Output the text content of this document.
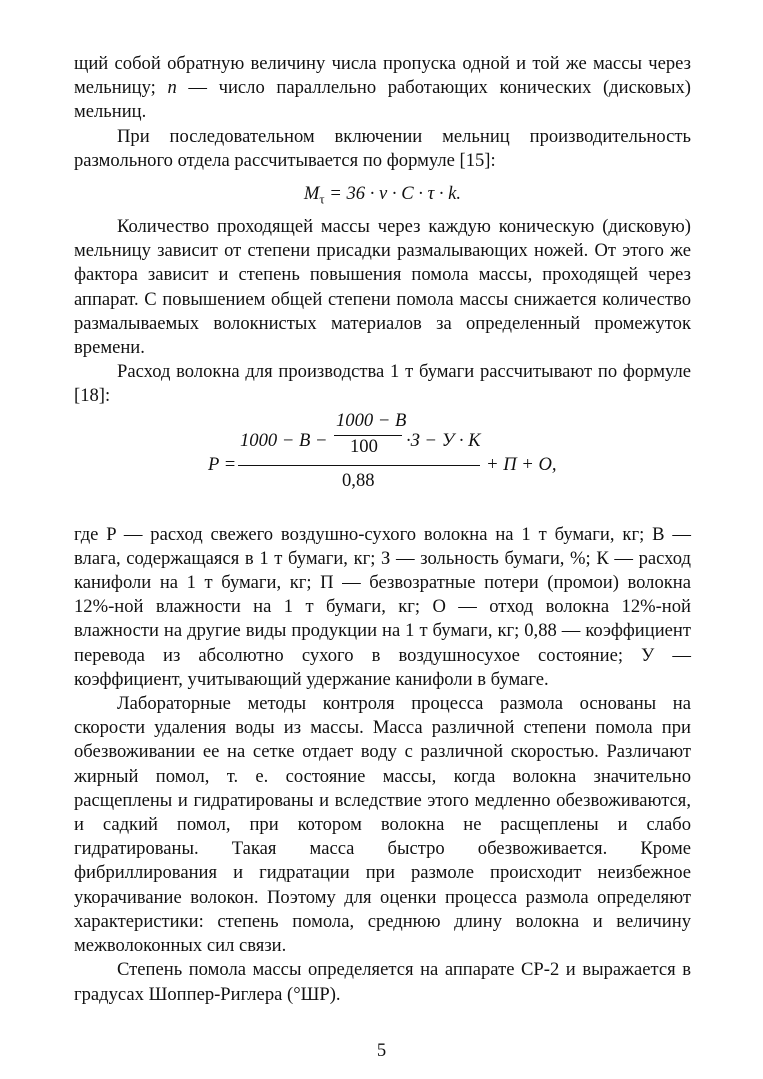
щий собой обратную величину числа пропуска одной и той же массы через мельницу; n — число параллельно работающих конических (дисковых) мельниц.

При последовательном включении мельниц производительность размольного отдела рассчитывается по формуле [15]:

$M_\tau = 36 \cdot v \cdot C \cdot \tau \cdot k$.

Количество проходящей массы через каждую коническую (дисковую) мельницу зависит от степени присадки размалывающих ножей. От этого же фактора зависит и степень повышения помола массы, проходящей через аппарат. С повышением общей степени помола массы снижается количество размалываемых волокнистых материалов за определенный промежуток времени.

Расход волокна для производства 1 т бумаги рассчитывают по формуле [18]:

P =
1000 − B −
1000 − B
100 ·З − У · К
0,88
+ П + О,

где P — расход свежего воздушно-сухого волокна на 1 т бумаги, кг; В — влага, содержащаяся в 1 т бумаги, кг; З — зольность бумаги, %; К — расход канифоли на 1 т бумаги, кг; П — безвозратные потери (промои) волокна 12%-ной влажности на 1 т бумаги, кг; О — отход волокна 12%-ной влажности на другие виды продукции на 1 т бумаги, кг; 0,88 — коэффициент перевода из абсолютно сухого в воздушносухое состояние; У — коэффициент, учитывающий удержание канифоли в бумаге.

Лабораторные методы контроля процесса размола основаны на скорости удаления воды из массы. Масса различной степени помола при обезвоживании ее на сетке отдает воду с различной скоростью. Различают жирный помол, т. е. состояние массы, когда волокна значительно расщеплены и гидратированы и вследствие этого медленно обезвоживаются, и садкий помол, при котором волокна не расщеплены и слабо гидратированы. Такая масса быстро обезвоживается. Кроме фибриллирования и гидратации при размоле происходит неизбежное укорачивание волокон. Поэтому для оценки процесса размола определяют характеристики: степень помола, среднюю длину волокна и величину межволоконных сил связи.

Степень помола массы определяется на аппарате СР-2 и выражается в градусах Шоппер-Риглера (°ШР).

5
